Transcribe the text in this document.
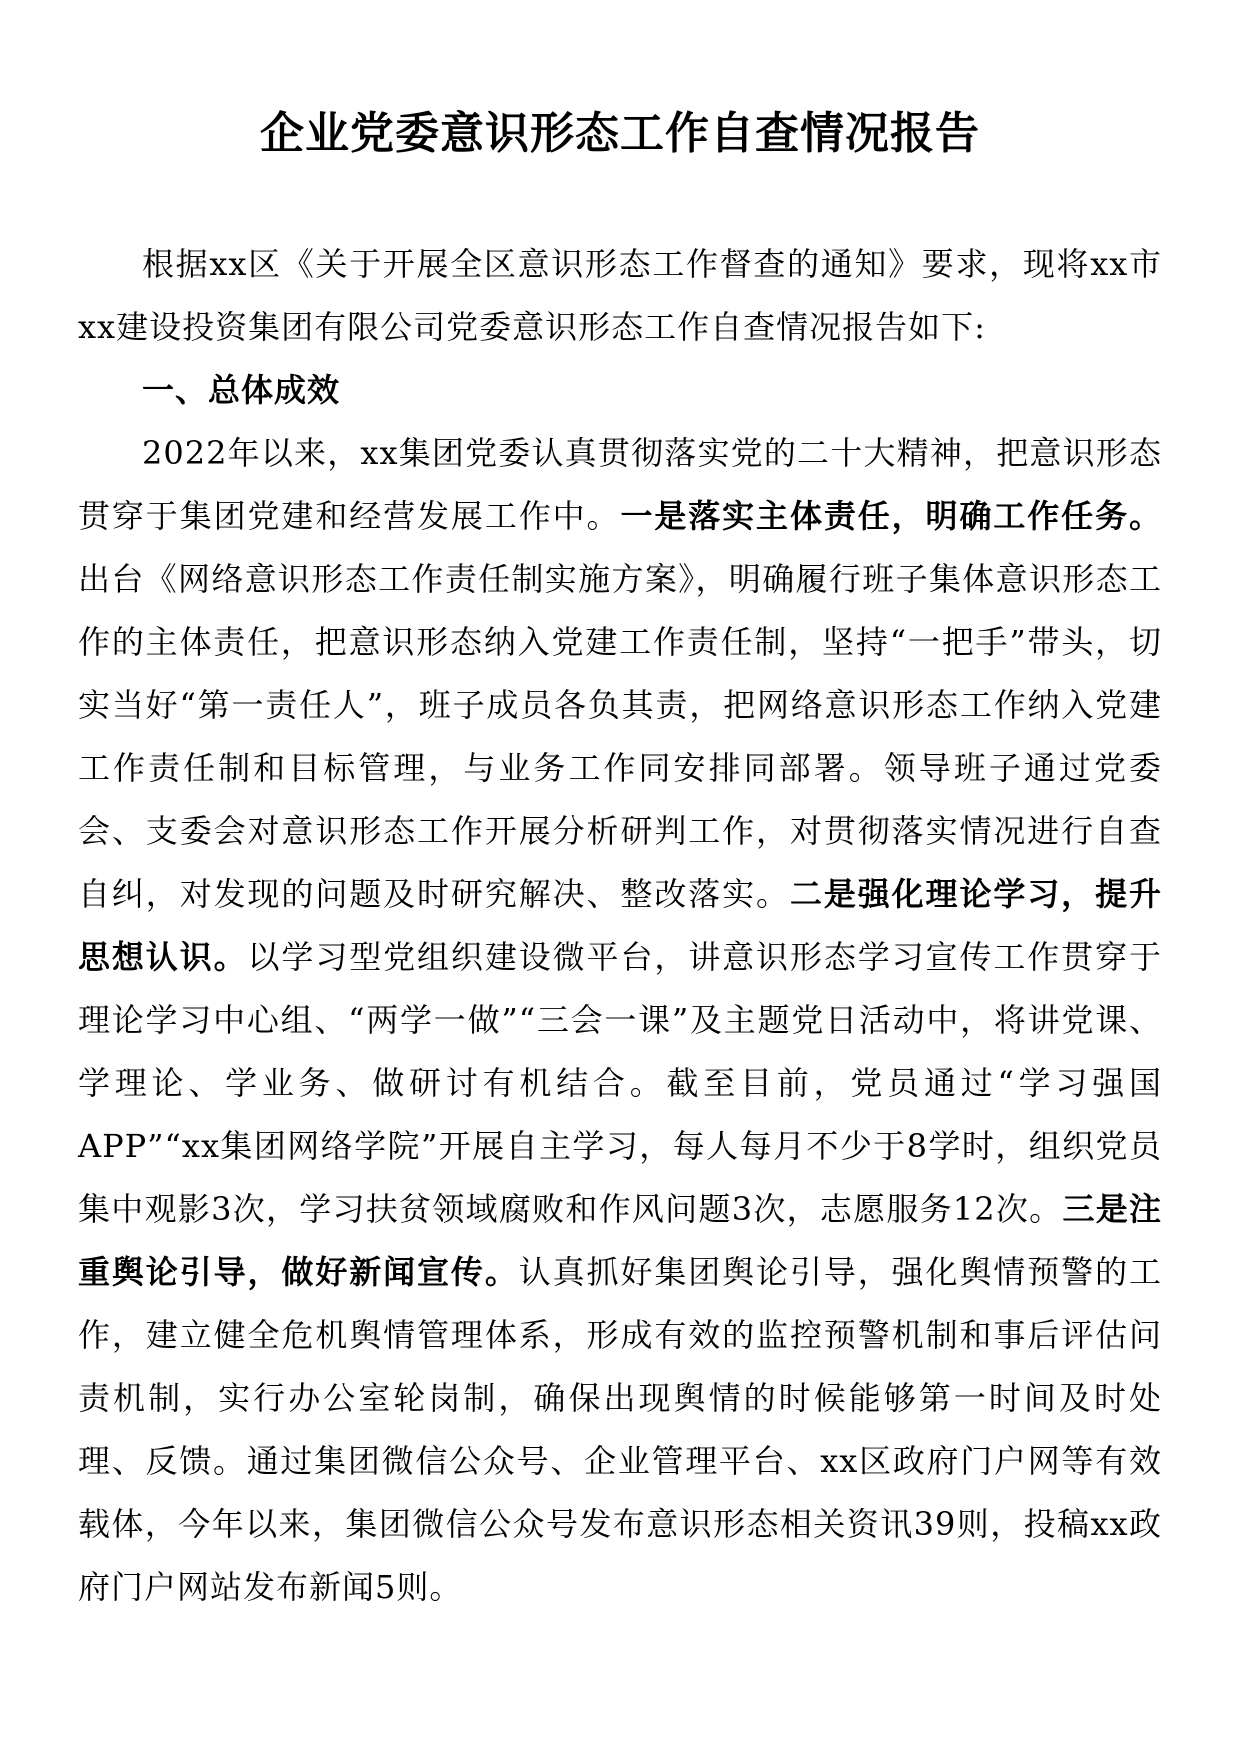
企业党委意识形态工作自查情况报告

根据xx区《关于开展全区意识形态工作督查的通知》要求，现将xx市xx建设投资集团有限公司党委意识形态工作自查情况报告如下:

一、总体成效

2022年以来，xx集团党委认真贯彻落实党的二十大精神，把意识形态贯穿于集团党建和经营发展工作中。一是落实主体责任，明确工作任务。出台《网络意识形态工作责任制实施方案》，明确履行班子集体意识形态工作的主体责任，把意识形态纳入党建工作责任制，坚持“一把手”带头，切实当好“第一责任人”，班子成员各负其责，把网络意识形态工作纳入党建工作责任制和目标管理，与业务工作同安排同部署。领导班子通过党委会、支委会对意识形态工作开展分析研判工作，对贯彻落实情况进行自查自纠，对发现的问题及时研究解决、整改落实。二是强化理论学习，提升思想认识。以学习型党组织建设微平台，讲意识形态学习宣传工作贯穿于理论学习中心组、“两学一做”“三会一课”及主题党日活动中，将讲党课、学理论、学业务、做研讨有机结合。截至目前，党员通过“学习强国APP”“xx集团网络学院”开展自主学习，每人每月不少于8学时，组织党员集中观影3次，学习扶贫领域腐败和作风问题3次，志愿服务12次。三是注重舆论引导，做好新闻宣传。认真抓好集团舆论引导，强化舆情预警的工作，建立健全危机舆情管理体系，形成有效的监控预警机制和事后评估问责机制，实行办公室轮岗制，确保出现舆情的时候能够第一时间及时处理、反馈。通过集团微信公众号、企业管理平台、xx区政府门户网等有效载体，今年以来，集团微信公众号发布意识形态相关资讯39则，投稿xx政府门户网站发布新闻5则。
